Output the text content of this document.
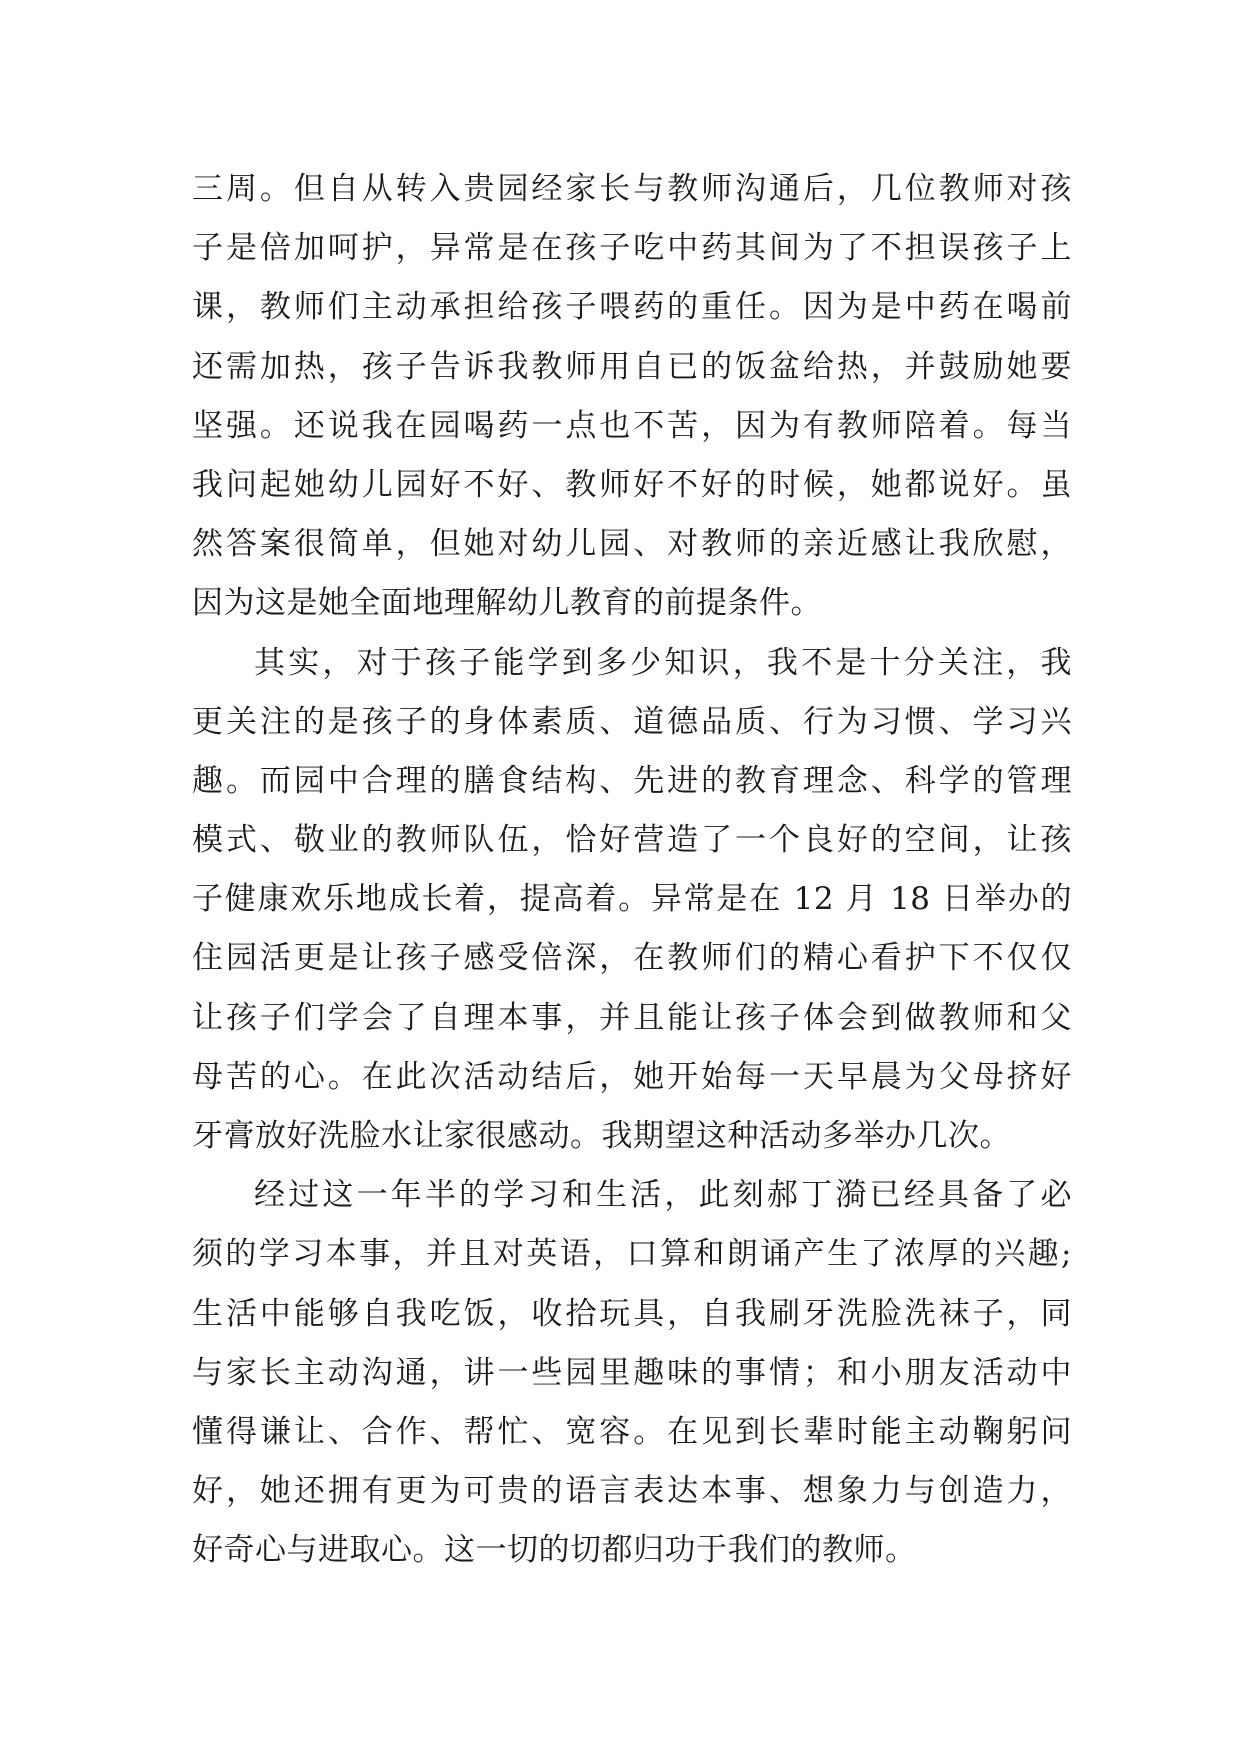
三周。但自从转入贵园经家长与教师沟通后，几位教师对孩
子是倍加呵护，异常是在孩子吃中药其间为了不担误孩子上
课，教师们主动承担给孩子喂药的重任。因为是中药在喝前
还需加热，孩子告诉我教师用自已的饭盆给热，并鼓励她要
坚强。还说我在园喝药一点也不苦，因为有教师陪着。每当
我问起她幼儿园好不好、教师好不好的时候，她都说好。虽
然答案很简单，但她对幼儿园、对教师的亲近感让我欣慰，
因为这是她全面地理解幼儿教育的前提条件。
其实，对于孩子能学到多少知识，我不是十分关注，我
更关注的是孩子的身体素质、道德品质、行为习惯、学习兴
趣。而园中合理的膳食结构、先进的教育理念、科学的管理
模式、敬业的教师队伍，恰好营造了一个良好的空间，让孩
子健康欢乐地成长着，提高着。异常是在 12 月 18 日举办的
住园活更是让孩子感受倍深，在教师们的精心看护下不仅仅
让孩子们学会了自理本事，并且能让孩子体会到做教师和父
母苦的心。在此次活动结后，她开始每一天早晨为父母挤好
牙膏放好洗脸水让家很感动。我期望这种活动多举办几次。
经过这一年半的学习和生活，此刻郝丁漪已经具备了必
须的学习本事，并且对英语，口算和朗诵产生了浓厚的兴趣;
生活中能够自我吃饭，收拾玩具，自我刷牙洗脸洗袜子，同
与家长主动沟通，讲一些园里趣味的事情；和小朋友活动中
懂得谦让、合作、帮忙、宽容。在见到长辈时能主动鞠躬问
好，她还拥有更为可贵的语言表达本事、想象力与创造力，
好奇心与进取心。这一切的切都归功于我们的教师。
